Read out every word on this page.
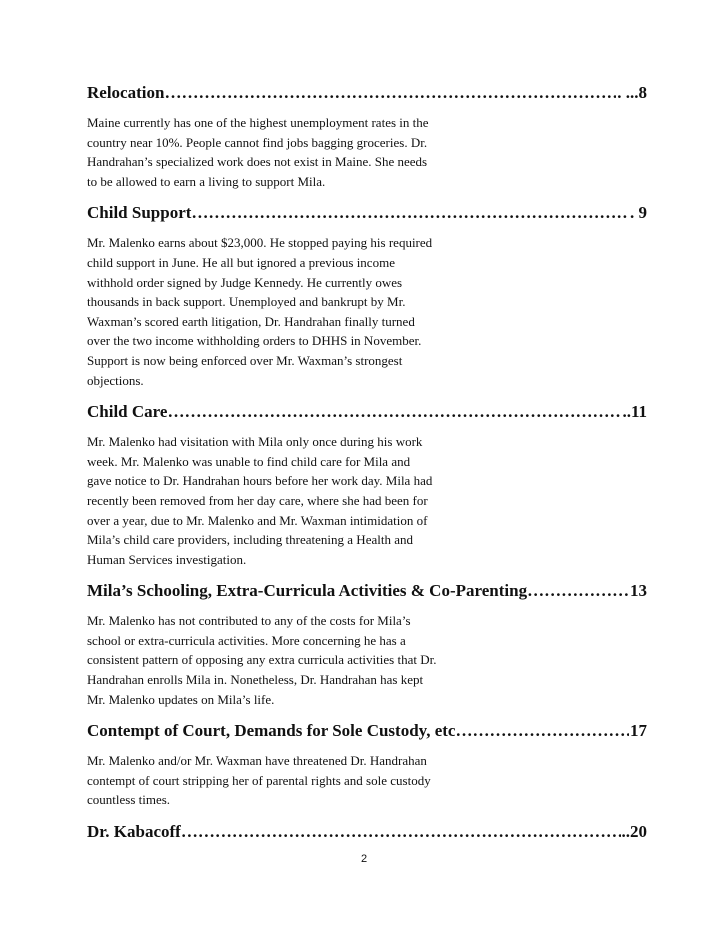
Relocation …………………………………………………………………………………………………………………………………………………………………………………………………………	. ...8
Maine currently has one of the highest unemployment rates in the
country near 10%. People cannot find jobs bagging groceries. Dr.
Handrahan’s specialized work does not exist in Maine. She needs
to be allowed to earn a living to support Mila.
Child Support …………………………………………………………………………………………………………………………………………………………………………………………………………	. 9
Mr. Malenko earns about $23,000. He stopped paying his required
child support in June. He all but ignored a previous income
withhold order signed by Judge Kennedy. He currently owes
thousands in back support. Unemployed and bankrupt by Mr.
Waxman’s scored earth litigation, Dr. Handrahan finally turned
over the two income withholding orders to DHHS in November.
Support is now being enforced over Mr. Waxman’s strongest
objections.
Child Care …………………………………………………………………………………………………………………………………………………………………………………………………………	..11
Mr. Malenko had visitation with Mila only once during his work
week. Mr. Malenko was unable to find child care for Mila and
gave notice to Dr. Handrahan hours before her work day. Mila had
recently been removed from her day care, where she had been for
over a year, due to Mr. Malenko and Mr. Waxman intimidation of
Mila’s child care providers, including threatening a Health and
Human Services investigation.
Mila’s Schooling, Extra-Curricula Activities & Co-Parenting …………………………………………………………………………………………………………………………………………………………………………………………………………	13
Mr. Malenko has not contributed to any of the costs for Mila’s
school or extra-curricula activities. More concerning he has a
consistent pattern of opposing any extra curricula activities that Dr.
Handrahan enrolls Mila in. Nonetheless, Dr. Handrahan has kept
Mr. Malenko updates on Mila’s life.
Contempt of Court, Demands for Sole Custody, etc …………………………………………………………………………………………………………………………………………………………………………………………………………	17
Mr. Malenko and/or Mr. Waxman have threatened Dr. Handrahan
contempt of court stripping her of parental rights and sole custody
countless times.
Dr. Kabacoff …………………………………………………………………………………………………………………………………………………………………………………………………………	..20
2
